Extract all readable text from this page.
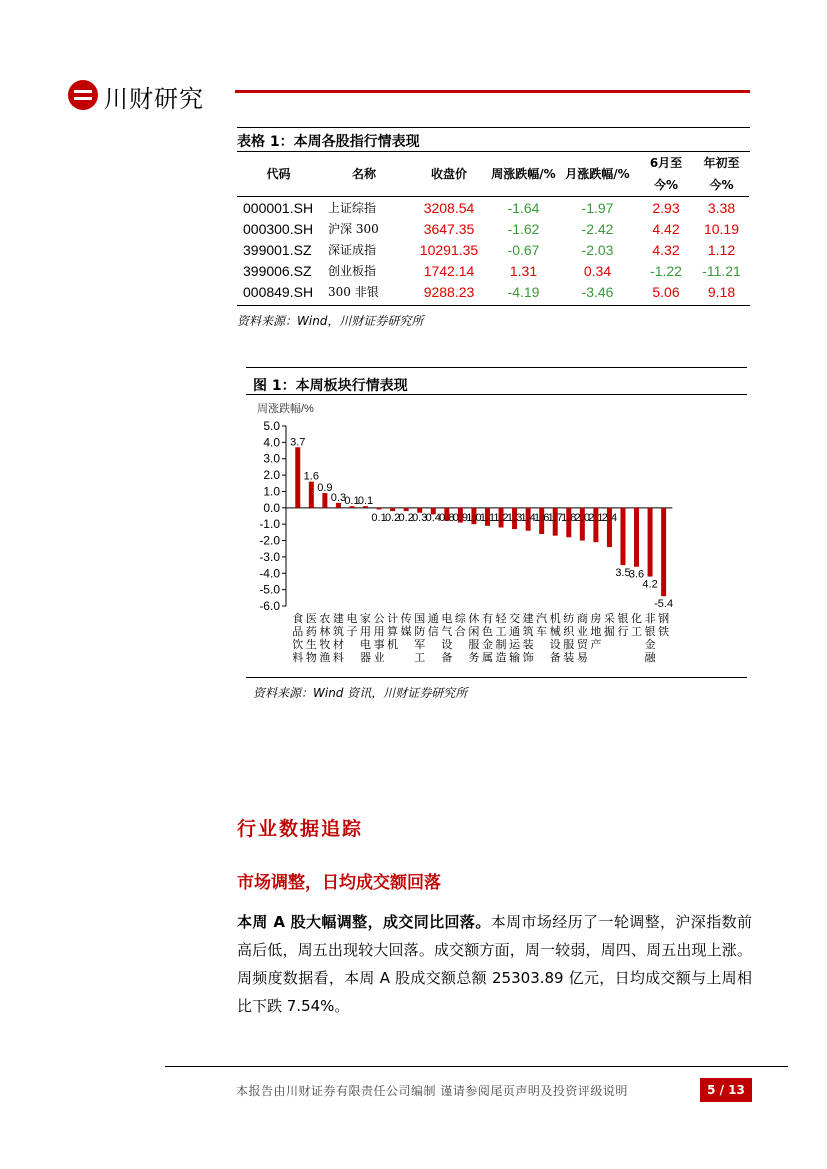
川财研究
表格 1：本周各股指行情表现
代码	名称	收盘价	周涨跌幅/%	月涨跌幅/%	6月至今%	年初至今%
000001.SH	上证综指	3208.54	-1.64	-1.97	2.93	3.38
000300.SH	沪深 300	3647.35	-1.62	-2.42	4.42	10.19
399001.SZ	深证成指	10291.35	-0.67	-2.03	4.32	1.12
399006.SZ	创业板指	1742.14	1.31	0.34	-1.22	-11.21
000849.SH	300 非银	9288.23	-4.19	-3.46	5.06	9.18
资料来源：Wind，川财证券研究所
图 1：本周板块行情表现
周涨跌幅/%
5.0
4.0
3.0
2.0
1.0
0.0
-1.0
-2.0
-3.0
-4.0
-5.0
-6.0
3.7
食
品
饮
料
1.6
医
药
生
物
0.9
农
林
牧
渔
0.3
建
筑
材
料
0.1
电
子
0.1
家
用
电
器
0.1
公
用
事
业
0.2
计
算
机
0.2
传
媒
0.3
国
防
军
工
0.4
通
信
0.8
电
气
设
备
0.9
综
合
1.0
休
闲
服
务
1.1
有
色
金
属
1.2
轻
工
制
造
1.3
交
通
运
输
1.4
建
筑
装
饰
1.6
汽
车
1.7
机
械
设
备
1.8
纺
织
服
装
2.0
商
业
贸
易
2.1
房
地
产
2.4
采
掘
3.5
银
行
3.6
化
工
4.2
非
银
金
融
-5.4
钢
铁
资料来源：Wind 资讯，川财证券研究所
行业数据追踪
市场调整，日均成交额回落
本周 A 股大幅调整，成交同比回落。本周市场经历了一轮调整，沪深指数前高后低，周五出现较大回落。成交额方面，周一较弱，周四、周五出现上涨。周频度数据看，本周 A 股成交额总额 25303.89 亿元，日均成交额与上周相比下跌 7.54%。
本报告由川财证券有限责任公司编制 谨请参阅尾页声明及投资评级说明	5 / 13
